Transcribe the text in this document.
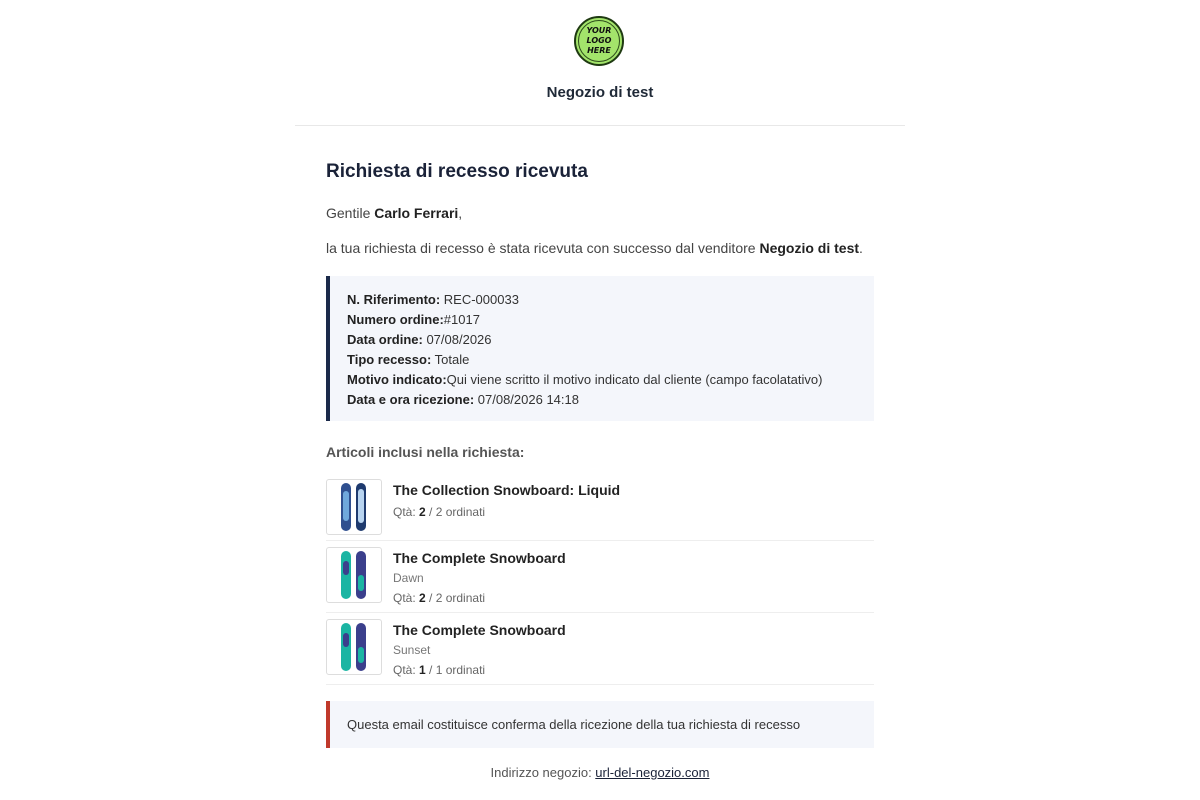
YOUR
LOGO
HERE
Negozio di test
Richiesta di recesso ricevuta
Gentile Carlo Ferrari,
la tua richiesta di recesso è stata ricevuta con successo dal venditore Negozio di test.
N. Riferimento: REC-000033
Numero ordine:#1017
Data ordine: 07/08/2026
Tipo recesso: Totale
Motivo indicato:Qui viene scritto il motivo indicato dal cliente (campo facolatativo)
Data e ora ricezione: 07/08/2026 14:18
Articoli inclusi nella richiesta:
The Collection Snowboard: Liquid
Qtà: 2 / 2 ordinati
The Complete Snowboard
Dawn
Qtà: 2 / 2 ordinati
The Complete Snowboard
Sunset
Qtà: 1 / 1 ordinati
Questa email costituisce conferma della ricezione della tua richiesta di recesso
Indirizzo negozio: url-del-negozio.com
